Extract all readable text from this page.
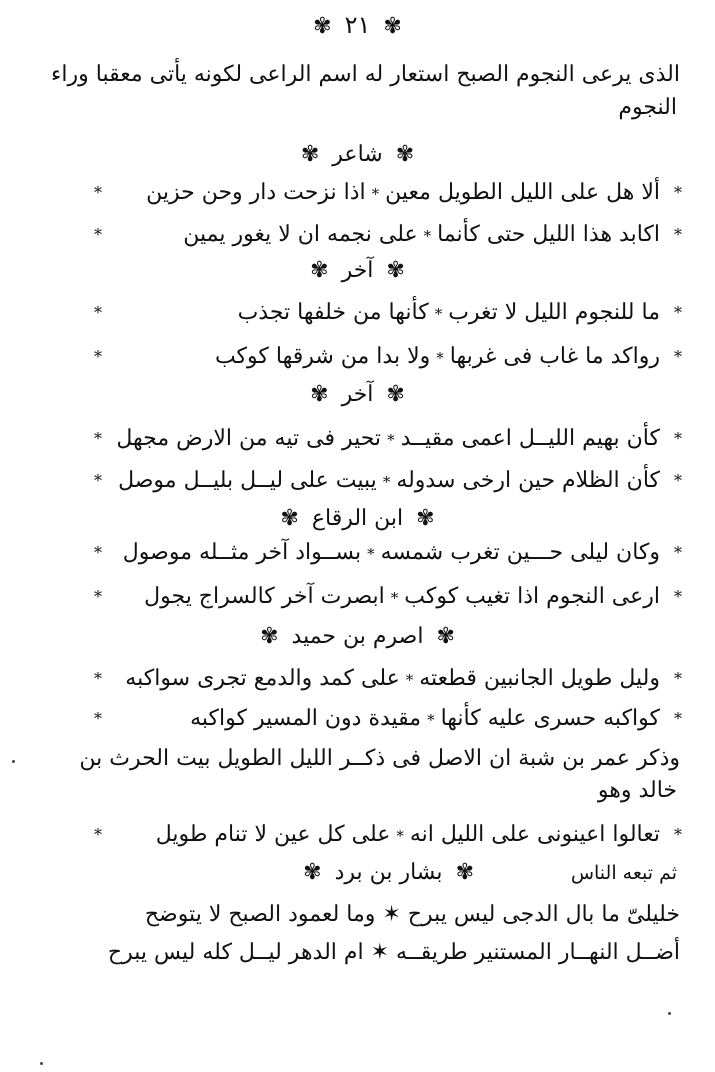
✾ ٢١ ✾
الذى يرعى النجوم الصبح استعار له اسم الراعى لكونه يأتى معقبا وراء
النجوم
✾ شاعر ✾
*
ألا هل على الليل الطويل معين*اذا نزحت دار وحن حزين
*
*
اكابد هذا الليل حتى كأنما*على نجمه ان لا يغور يمين
*
✾ آخر ✾
*
ما للنجوم الليل لا تغرب*كأنها من خلفها تجذب
*
*
رواكد ما غاب فى غربها*ولا بدا من شرقها كوكب
*
✾ آخر ✾
*
كأن بهيم الليــل اعمى مقيــد*تحير فى تيه من الارض مجهل
*
*
كأن الظلام حين ارخى سدوله*يبيت على ليــل بليــل موصل
*
✾ ابن الرقاع ✾
*
وكان ليلى حـــين تغرب شمسه*بســواد آخر مثــله موصول
*
*
ارعى النجوم اذا تغيب كوكب*ابصرت آخر كالسراج يجول
*
✾ اصرم بن حميد ✾
*
وليل طويل الجانبين قطعته*على كمد والدمع تجرى سواكبه
*
*
كواكبه حسرى عليه كأنها*مقيدة دون المسير كواكبه
*
وذكر عمر بن شبة ان الاصل فى ذكــر الليل الطويل بيت الحرث بن
خالد وهو
*
تعالوا اعينونى على الليل انه*على كل عين لا تنام طويل
*
ثم تبعه الناس
✾ بشار بن برد ✾
خليلىّ ما بال الدجى ليس يبرح ✶ وما لعمود الصبح لا يتوضح
أضــل النهــار المستنير طريقــه ✶ ام الدهر ليــل كله ليس يبرح
